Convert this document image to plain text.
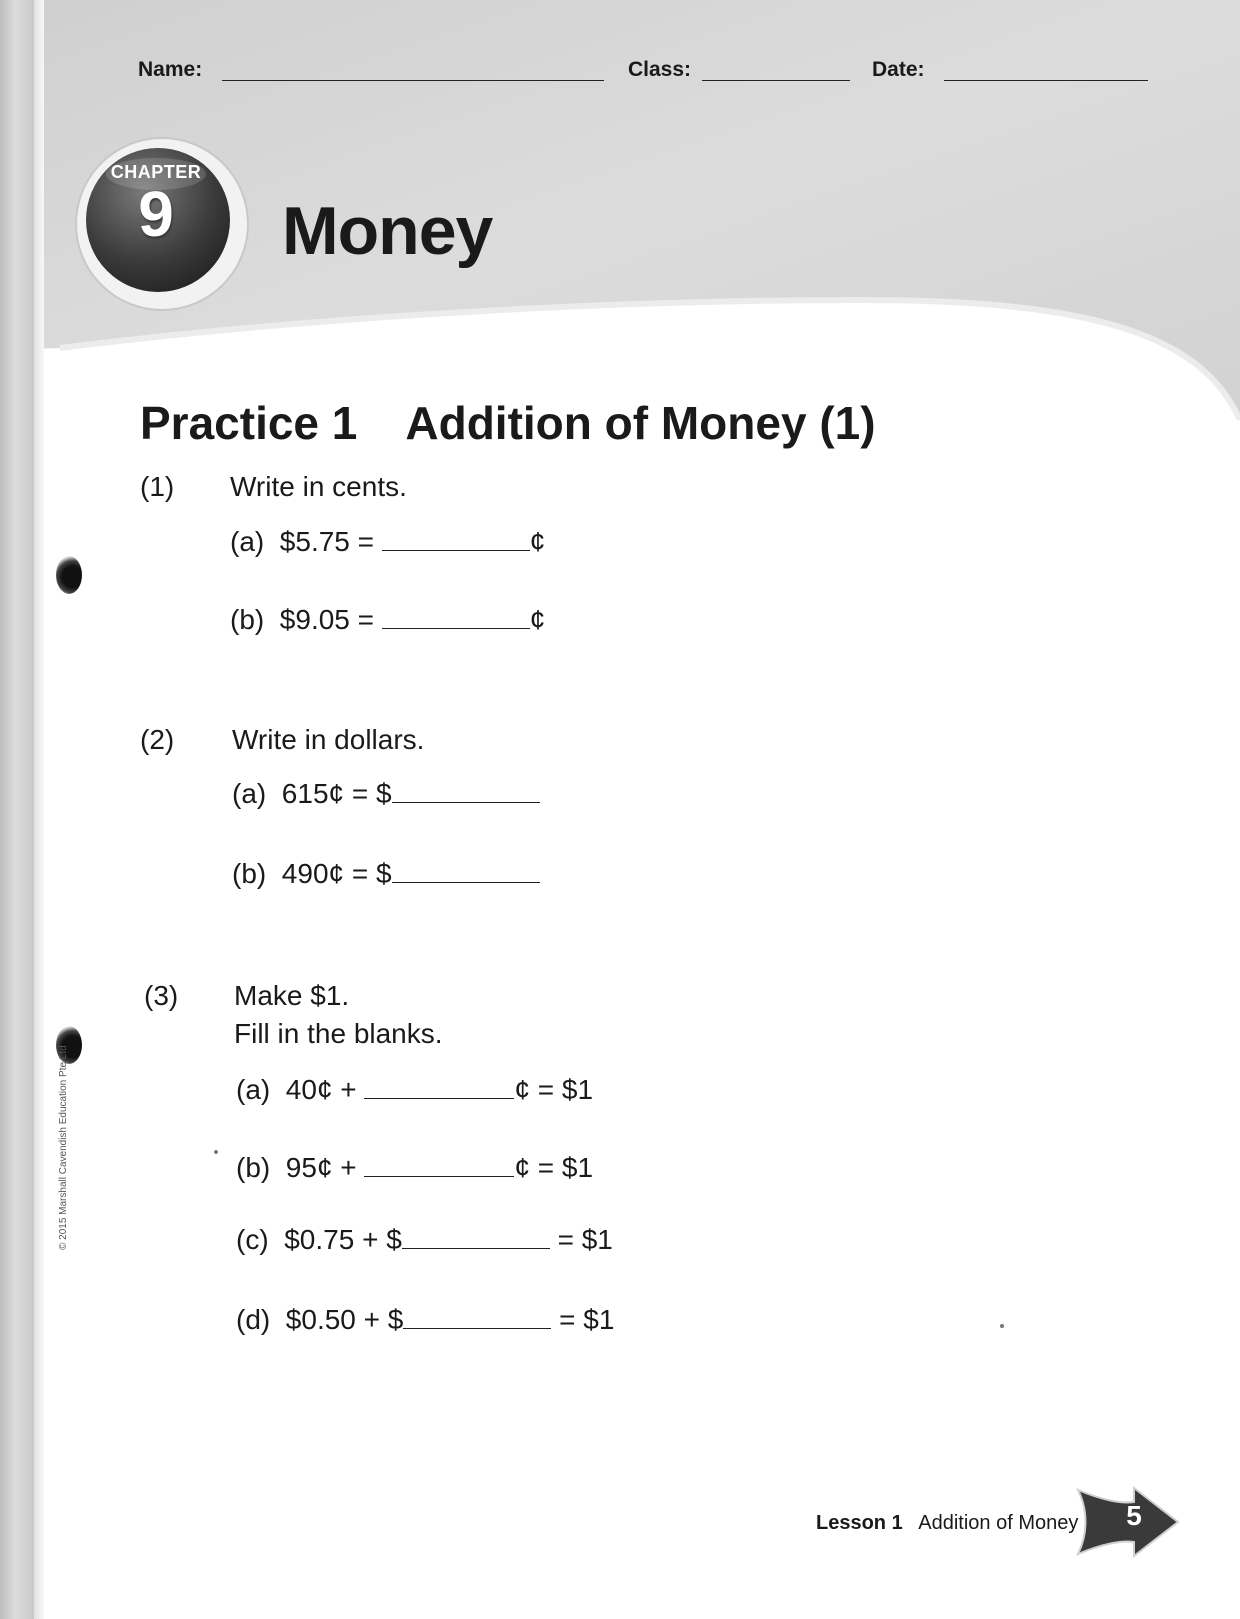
Name:	Class:	Date:
CHAPTER
9	Money
Practice 1 Addition of Money (1)
(1) Write in cents.
(a) $5.75 =	¢
(b) $9.05 =	¢
(2) Write in dollars.
(a) 615¢ = $
(b) 490¢ = $
(3) Make $1.
Fill in the blanks.
(a) 40¢ +	¢ = $1
(b) 95¢ +	¢ = $1
(c) $0.75 + $	= $1
(d) $0.50 + $	= $1
© 2015 Marshall Cavendish Education Pte Ltd
Lesson 1 Addition of Money	5
